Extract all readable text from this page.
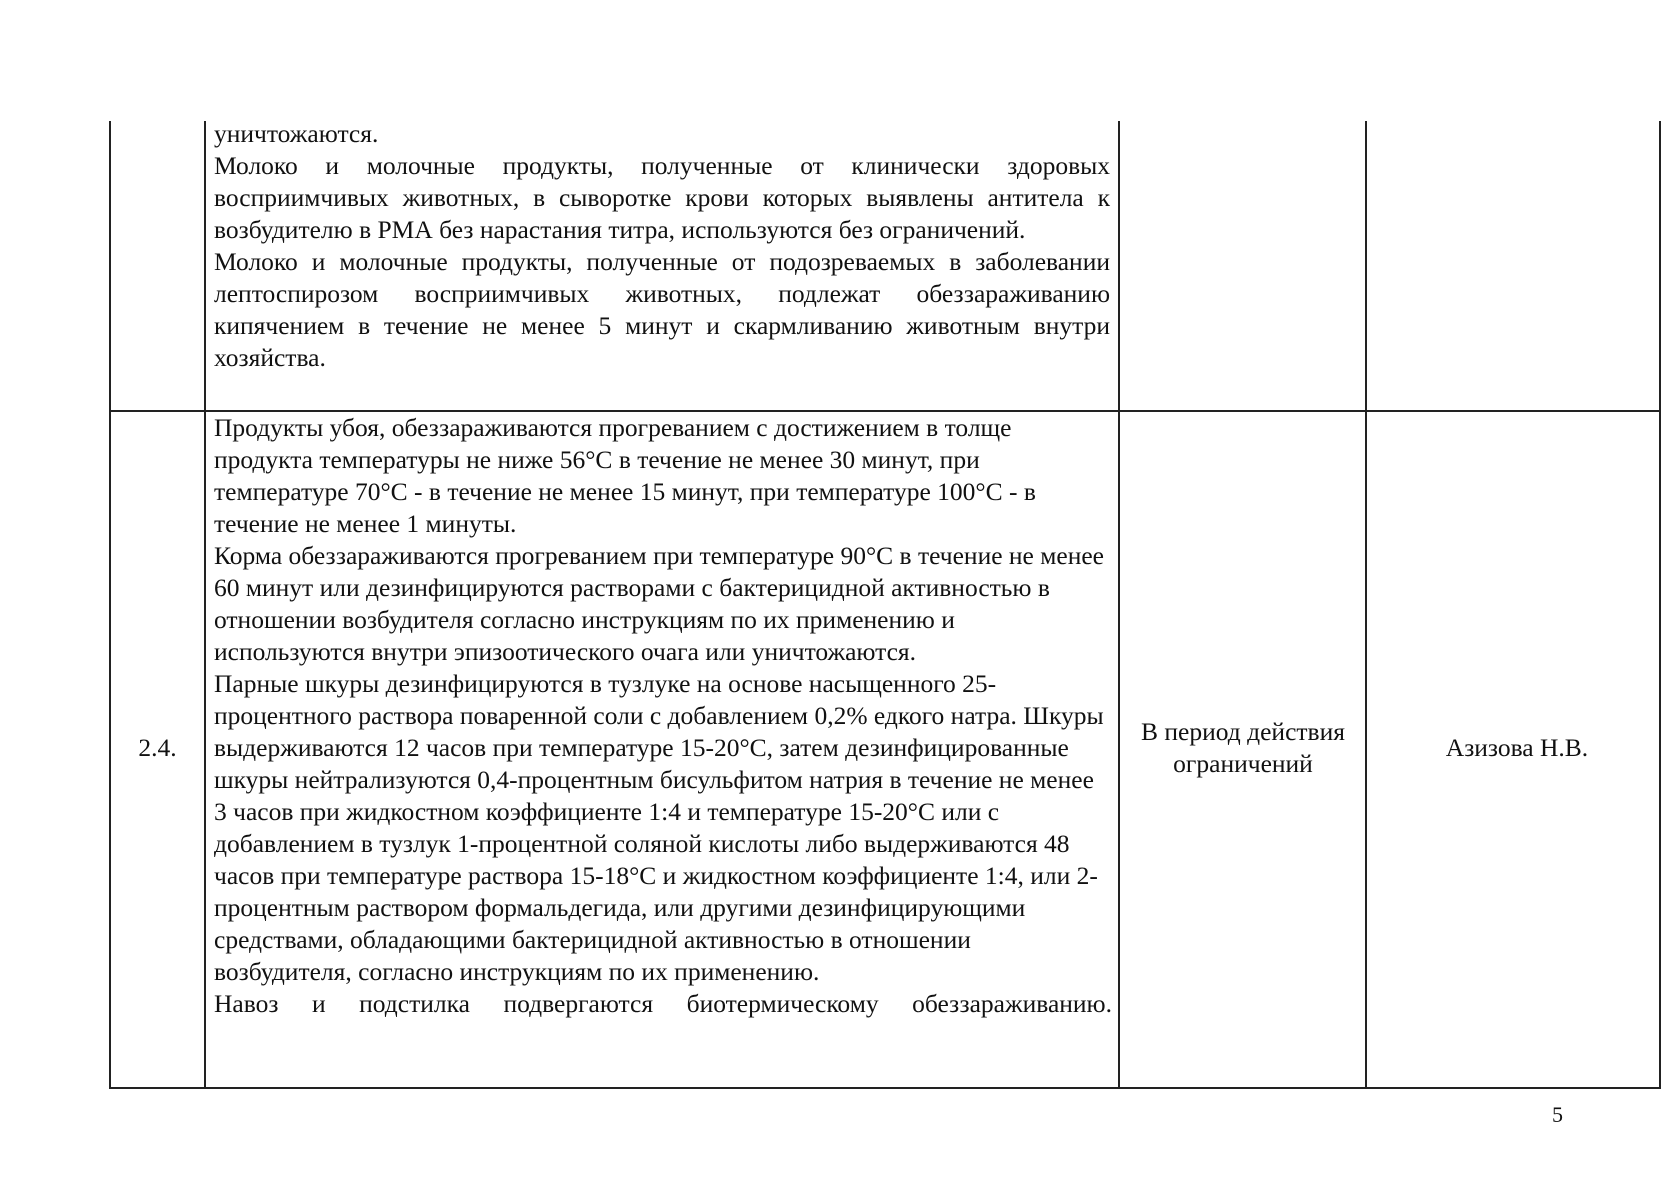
уничтожаются.

Молоко и молочные продукты, полученные от клинически здоровых восприимчивых животных, в сыворотке крови которых выявлены антитела к возбудителю в РМА без нарастания титра, используются без ограничений.

Молоко и молочные продукты, полученные от подозреваемых в заболевании лептоспирозом восприимчивых животных, подлежат обеззараживанию кипячением в течение не менее 5 минут и скармливанию животным внутри хозяйства.

2.4.

Продукты убоя, обеззараживаются прогреванием с достижением в толще продукта температуры не ниже 56°С в течение не менее 30 минут, при температуре 70°С - в течение не менее 15 минут, при температуре 100°С - в течение не менее 1 минуты.

Корма обеззараживаются прогреванием при температуре 90°С в течение не менее 60 минут или дезинфицируются растворами с бактерицидной активностью в отношении возбудителя согласно инструкциям по их применению и используются внутри эпизоотического очага или уничтожаются.

Парные шкуры дезинфицируются в тузлуке на основе насыщенного 25-процентного раствора поваренной соли с добавлением 0,2% едкого натра. Шкуры выдерживаются 12 часов при температуре 15-20°С, затем дезинфицированные шкуры нейтрализуются 0,4-процентным бисульфитом натрия в течение не менее 3 часов при жидкостном коэффициенте 1:4 и температуре 15-20°С или с добавлением в тузлук 1-процентной соляной кислоты либо выдерживаются 48 часов при температуре раствора 15-18°С и жидкостном коэффициенте 1:4, или 2-процентным раствором формальдегида, или другими дезинфицирующими средствами, обладающими бактерицидной активностью в отношении возбудителя, согласно инструкциям по их применению.

Навоз и подстилка подвергаются биотермическому обеззараживанию.

В период действия ограничений
Азизова Н.В.
5
